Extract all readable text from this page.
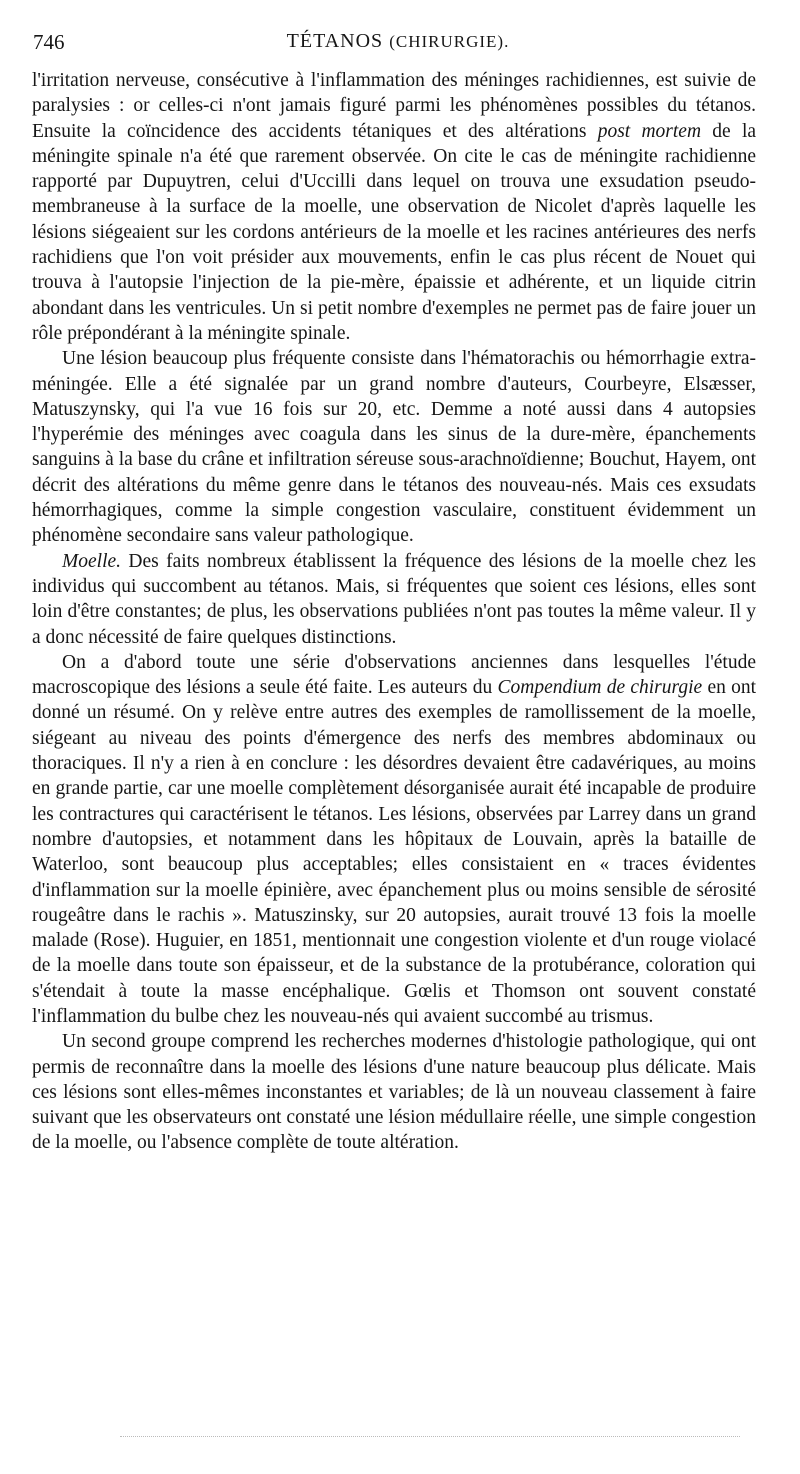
746	TÉTANOS (CHIRURGIE).

l'irritation nerveuse, consécutive à l'inflammation des méninges rachidiennes, est suivie de paralysies : or celles-ci n'ont jamais figuré parmi les phénomènes possibles du tétanos. Ensuite la coïncidence des accidents tétaniques et des altérations post mortem de la méningite spinale n'a été que rarement observée. On cite le cas de méningite rachidienne rapporté par Dupuytren, celui d'Uccilli dans lequel on trouva une exsudation pseudo-membraneuse à la surface de la moelle, une observation de Nicolet d'après laquelle les lésions siégeaient sur les cordons antérieurs de la moelle et les racines antérieures des nerfs rachidiens que l'on voit présider aux mouvements, enfin le cas plus récent de Nouet qui trouva à l'autopsie l'injection de la pie-mère, épaissie et adhérente, et un liquide citrin abondant dans les ventricules. Un si petit nombre d'exemples ne permet pas de faire jouer un rôle prépondérant à la méningite spinale.

Une lésion beaucoup plus fréquente consiste dans l'hématorachis ou hémorrhagie extra-méningée. Elle a été signalée par un grand nombre d'auteurs, Courbeyre, Elsæsser, Matuszynsky, qui l'a vue 16 fois sur 20, etc. Demme a noté aussi dans 4 autopsies l'hyperémie des méninges avec coagula dans les sinus de la dure-mère, épanchements sanguins à la base du crâne et infiltration séreuse sous-arachnoïdienne; Bouchut, Hayem, ont décrit des altérations du même genre dans le tétanos des nouveau-nés. Mais ces exsudats hémorrhagiques, comme la simple congestion vasculaire, constituent évidemment un phénomène secondaire sans valeur pathologique.

Moelle. Des faits nombreux établissent la fréquence des lésions de la moelle chez les individus qui succombent au tétanos. Mais, si fréquentes que soient ces lésions, elles sont loin d'être constantes; de plus, les observations publiées n'ont pas toutes la même valeur. Il y a donc nécessité de faire quelques distinctions.

On a d'abord toute une série d'observations anciennes dans lesquelles l'étude macroscopique des lésions a seule été faite. Les auteurs du Compendium de chirurgie en ont donné un résumé. On y relève entre autres des exemples de ramollissement de la moelle, siégeant au niveau des points d'émergence des nerfs des membres abdominaux ou thoraciques. Il n'y a rien à en conclure : les désordres devaient être cadavériques, au moins en grande partie, car une moelle complètement désorganisée aurait été incapable de produire les contractures qui caractérisent le tétanos. Les lésions, observées par Larrey dans un grand nombre d'autopsies, et notamment dans les hôpitaux de Louvain, après la bataille de Waterloo, sont beaucoup plus acceptables; elles consistaient en « traces évidentes d'inflammation sur la moelle épinière, avec épanchement plus ou moins sensible de sérosité rougeâtre dans le rachis ». Matuszinsky, sur 20 autopsies, aurait trouvé 13 fois la moelle malade (Rose). Huguier, en 1851, mentionnait une congestion violente et d'un rouge violacé de la moelle dans toute son épaisseur, et de la substance de la protubérance, coloration qui s'étendait à toute la masse encéphalique. Gœlis et Thomson ont souvent constaté l'inflammation du bulbe chez les nouveau-nés qui avaient succombé au trismus.

Un second groupe comprend les recherches modernes d'histologie pathologique, qui ont permis de reconnaître dans la moelle des lésions d'une nature beaucoup plus délicate. Mais ces lésions sont elles-mêmes inconstantes et variables; de là un nouveau classement à faire suivant que les observateurs ont constaté une lésion médullaire réelle, une simple congestion de la moelle, ou l'absence complète de toute altération.
